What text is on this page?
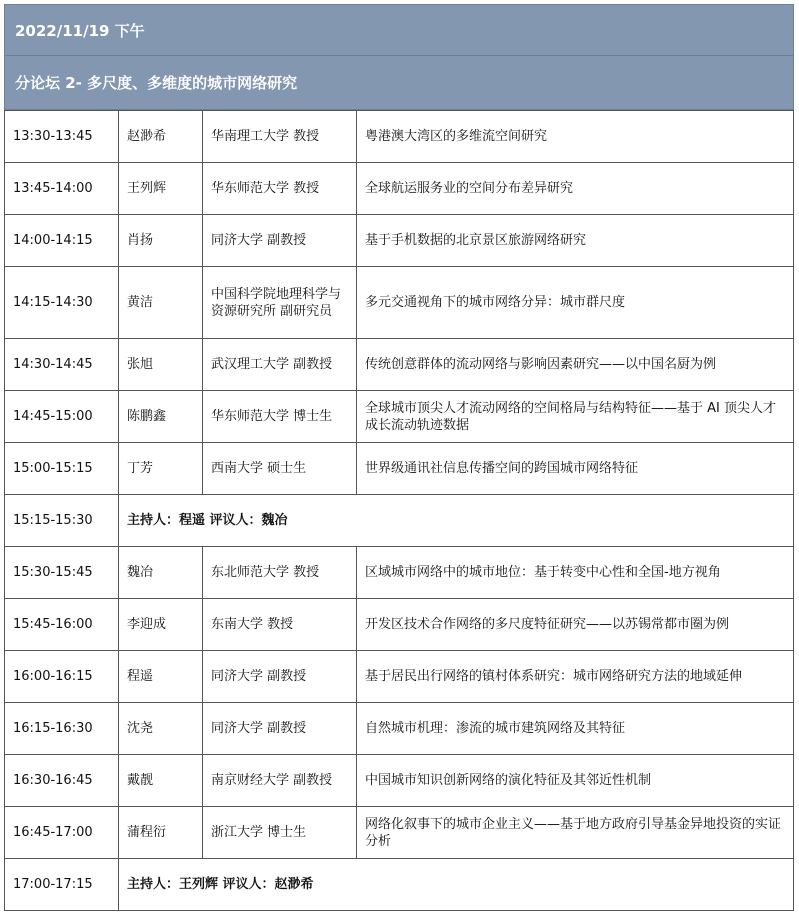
2022/11/19 下午
分论坛 2- 多尺度、多维度的城市网络研究
13:30-13:45	赵渺希	华南理工大学 教授	粤港澳大湾区的多维流空间研究
13:45-14:00	王列辉	华东师范大学 教授	全球航运服务业的空间分布差异研究
14:00-14:15	肖扬	同济大学 副教授	基于手机数据的北京景区旅游网络研究
14:15-14:30	黄洁	中国科学院地理科学与资源研究所 副研究员	多元交通视角下的城市网络分异：城市群尺度
14:30-14:45	张旭	武汉理工大学 副教授	传统创意群体的流动网络与影响因素研究——以中国名厨为例
14:45-15:00	陈鹏鑫	华东师范大学 博士生	全球城市顶尖人才流动网络的空间格局与结构特征——基于 AI 顶尖人才成长流动轨迹数据
15:00-15:15	丁芳	西南大学 硕士生	世界级通讯社信息传播空间的跨国城市网络特征
15:15-15:30	主持人：程遥 评议人：魏冶		
15:30-15:45	魏冶	东北师范大学 教授	区域城市网络中的城市地位：基于转变中心性和全国-地方视角
15:45-16:00	李迎成	东南大学 教授	开发区技术合作网络的多尺度特征研究——以苏锡常都市圈为例
16:00-16:15	程遥	同济大学 副教授	基于居民出行网络的镇村体系研究：城市网络研究方法的地域延伸
16:15-16:30	沈尧	同济大学 副教授	自然城市机理：渗流的城市建筑网络及其特征
16:30-16:45	戴靓	南京财经大学 副教授	中国城市知识创新网络的演化特征及其邻近性机制
16:45-17:00	蒲程衍	浙江大学 博士生	网络化叙事下的城市企业主义——基于地方政府引导基金异地投资的实证分析
17:00-17:15	主持人：王列辉 评议人：赵渺希		
